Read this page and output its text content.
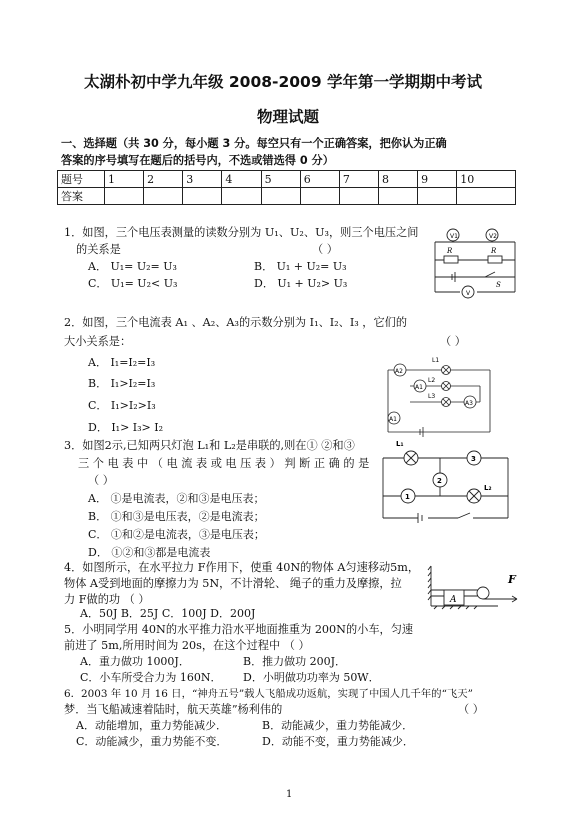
太湖朴初中学九年级 2008-2009 学年第一学期期中考试
物理试题
一、选择题（共 30 分，每小题 3 分。每空只有一个正确答案，把你认为正确
答案的序号填写在题后的括号内，不选或错选得 0 分）
题号	1	2	3	4	5	6	7	8	9	10
答案										
1．如图，三个电压表测量的读数分别为 U₁、U₂、U₃，则三个电压之间
的关系是	（ ）
A． U₁= U₂= U₃	B． U₁ + U₂= U₃
C． U₁= U₂< U₃	D． U₁ + U₂> U₃
V1	V2
V
R	R
S
2．如图，三个电流表 A₁ 、A₂、A₃的示数分别为 I₁、I₂、I₃ ，它们的
大小关系是：	（ ）
A． I₁=I₂=I₃
B． I₁>I₂=I₃
C． I₁>I₂>I₃
D． I₁> I₃> I₂
A2
A1
A3
A1
L1
L2
L3
3．如图2示,已知两只灯泡 L₁和 L₂是串联的,则在① ②和③
三 个 电 表 中 （ 电 流 表 或 电 压 表 ） 判 断 正 确 的 是
（ ）
A． ①是电流表，②和③是电压表；
B． ①和③是电压表，②是电流表；
C． ①和②是电流表，③是电压表；
D． ①②和③都是电流表
L₁
L₂
3
2
1
4．如图所示，在水平拉力 F作用下，使重 40N的物体 A匀速移动5m，
物体 A受到地面的摩擦力为 5N，不计滑轮、 绳子的重力及摩擦，拉
力 F做的功 （ ）
A．50J B．25J C．100J D．200J
A
F
5．小明同学用 40N的水平推力沿水平地面推重为 200N的小车，匀速
前进了 5m,所用时间为 20s，在这个过程中 （ ）
A．重力做功 1000J．	B．推力做功 200J．
C．小车所受合力为 160N． D．小明做功功率为 50W．
6．2003 年 10 月 16 日，“神舟五号”载人飞船成功返航，实现了中国人几千年的“飞天”
梦．当飞船减速着陆时，航天英雄”杨利伟的	（ ）
A．动能增加，重力势能减少．	B．动能减少，重力势能减少．
C．动能减少，重力势能不变．	D．动能不变，重力势能减少．
1
